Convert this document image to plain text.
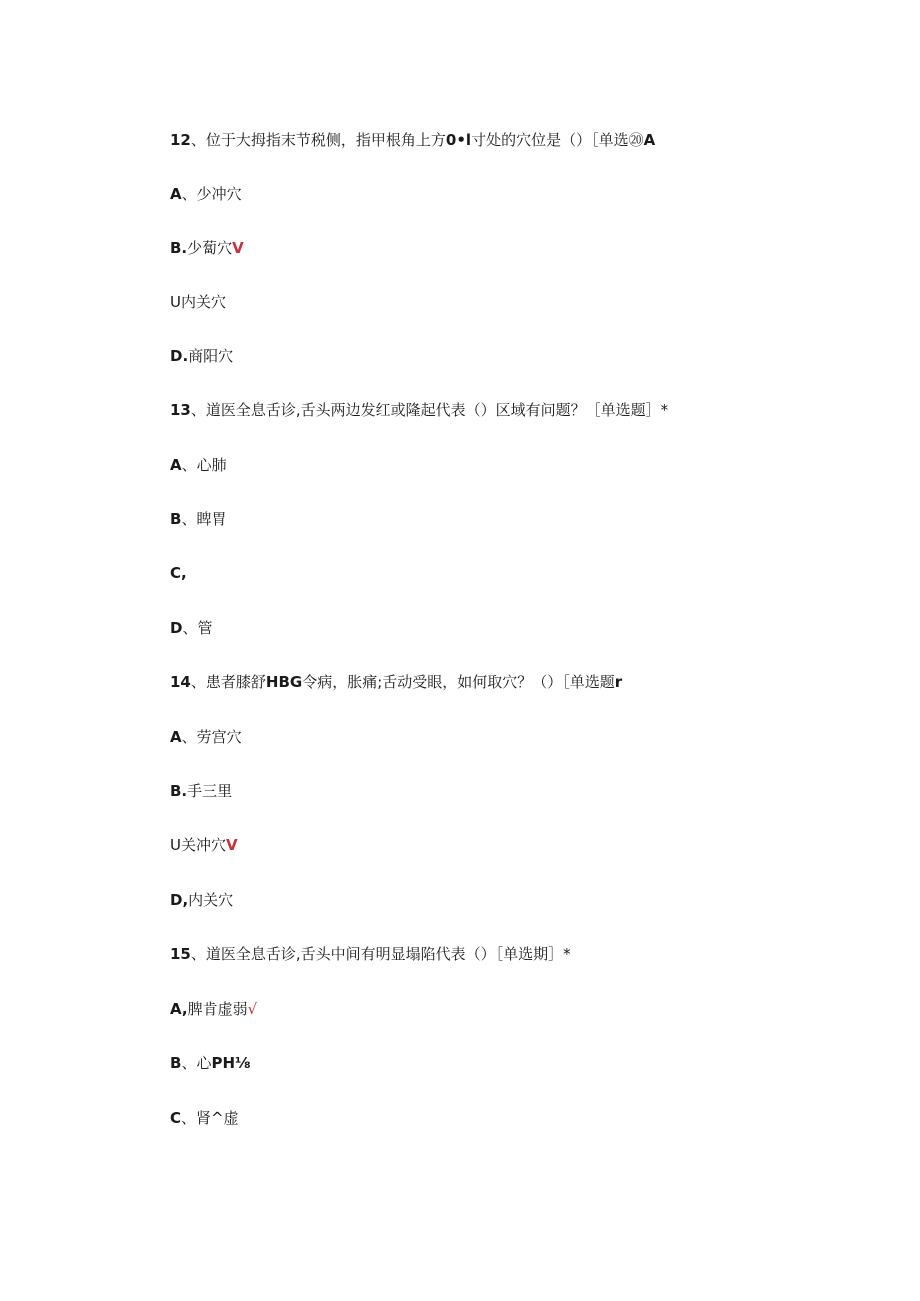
12、位于大拇指末节税侧，指甲根角上方0•l寸处的穴位是（）［单选⑳A
A、少冲穴
B.少蔔穴V
U内关穴
D.商阳穴
13、道医全息舌诊,舌头两边发红或隆起代表（）区域有问题？［单选题］*
A、心肺
B、睥胃
C,
D、管
14、患者膝舒HBG令病，胀痛;舌动受眼，如何取穴？（）［单选题r
A、劳宫穴
B.手三里
U关冲穴V
D,内关穴
15、道医全息舌诊,舌头中间有明显塌陷代表（）［单选期］*
A,脾肯虚弱√
B、心PH⅛
C、肾^虚
